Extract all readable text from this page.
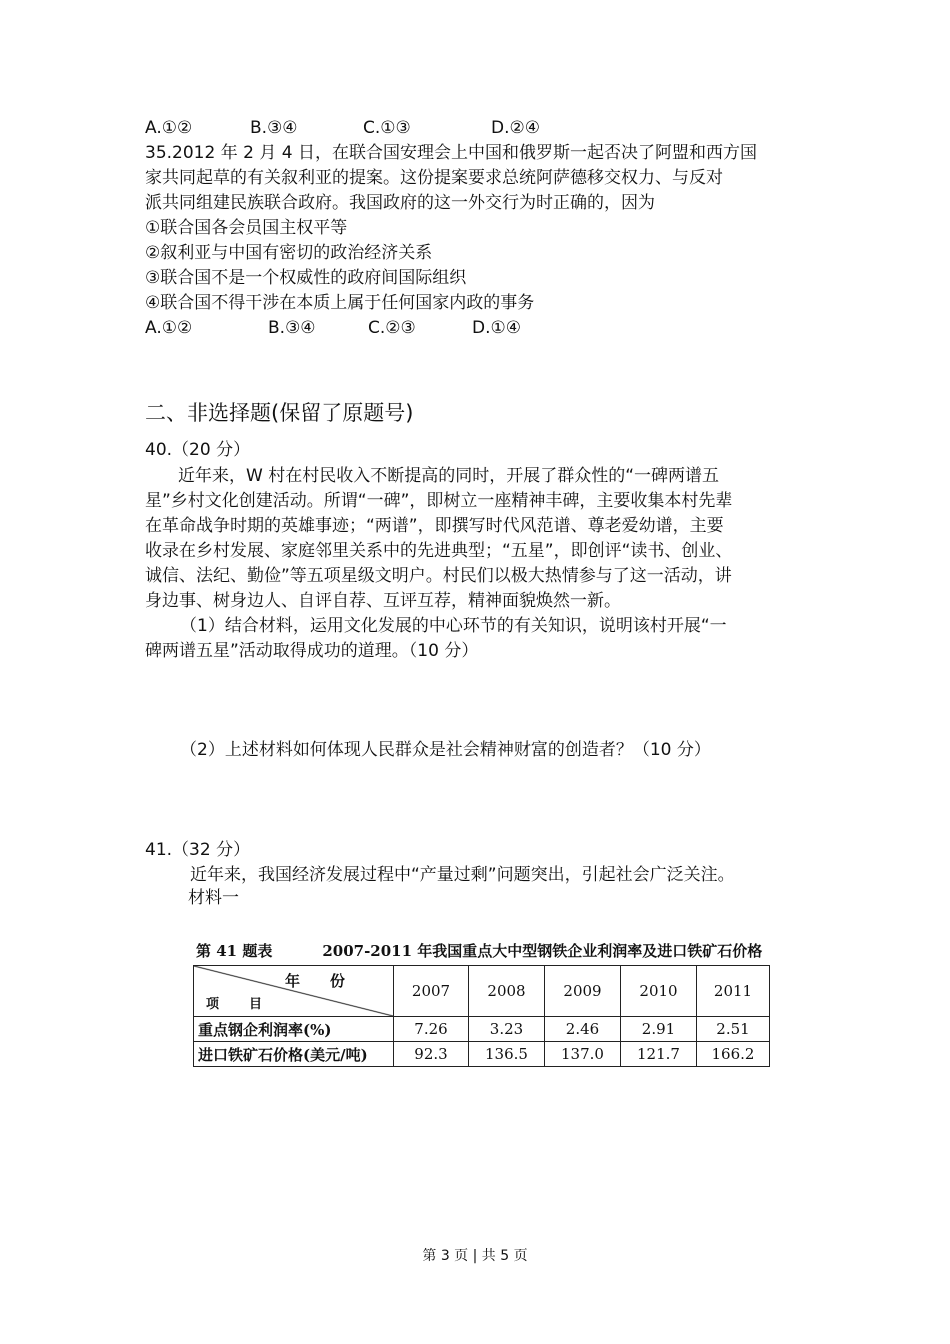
A.①②	B.③④	C.①③	D.②④
35.2012 年 2 月 4 日，在联合国安理会上中国和俄罗斯一起否决了阿盟和西方国
家共同起草的有关叙利亚的提案。这份提案要求总统阿萨德移交权力、与反对
派共同组建民族联合政府。我国政府的这一外交行为时正确的，因为
①联合国各会员国主权平等
②叙利亚与中国有密切的政治经济关系
③联合国不是一个权威性的政府间国际组织
④联合国不得干涉在本质上属于任何国家内政的事务
A.①②	B.③④	C.②③	D.①④
二、非选择题(保留了原题号)
40.（20 分）
近年来，W 村在村民收入不断提高的同时，开展了群众性的“一碑两谱五
星”乡村文化创建活动。所谓“一碑”，即树立一座精神丰碑，主要收集本村先辈
在革命战争时期的英雄事迹；“两谱”，即撰写时代风范谱、尊老爱幼谱，主要
收录在乡村发展、家庭邻里关系中的先进典型；“五星”，即创评“读书、创业、
诚信、法纪、勤俭”等五项星级文明户。村民们以极大热情参与了这一活动，讲
身边事、树身边人、自评自荐、互评互荐，精神面貌焕然一新。
（1）结合材料，运用文化发展的中心环节的有关知识，说明该村开展“一
碑两谱五星”活动取得成功的道理。（10 分）
（2）上述材料如何体现人民群众是社会精神财富的创造者？（10 分）
41.（32 分）
近年来，我国经济发展过程中“产量过剩”问题突出，引起社会广泛关注。
材料一
第 41 题表	2007-2011 年我国重点大中型钢铁企业利润率及进口铁矿石价格
年份
项目	2007	2008	2009	2010	2011
重点钢企利润率(%)	7.26	3.23	2.46	2.91	2.51
进口铁矿石价格(美元/吨)	92.3	136.5	137.0	121.7	166.2
第 3 页 | 共 5 页
